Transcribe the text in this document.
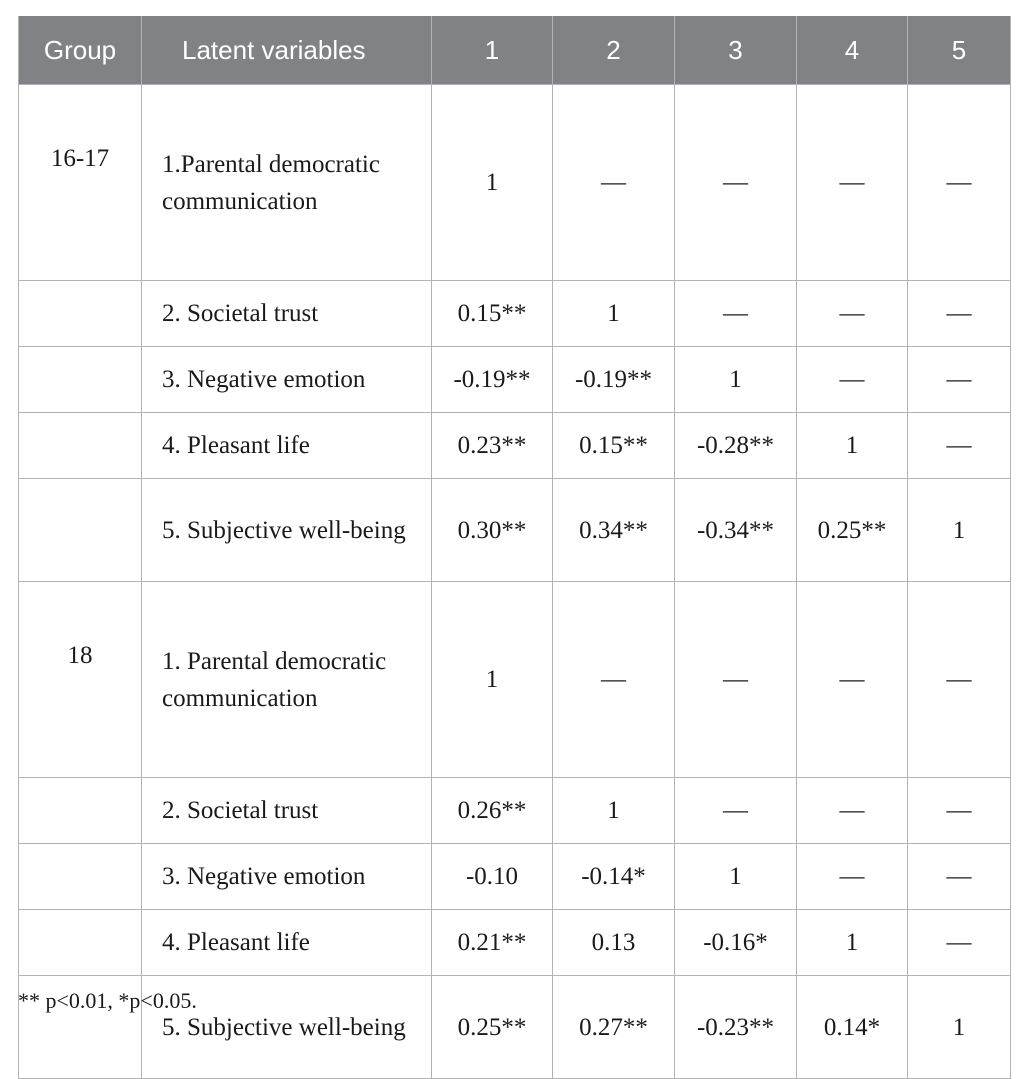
Group	Latent variables	1	2	3	4	5
16-17	1.Parental democratic communication	1	—	—	—	—
	2. Societal trust	0.15**	1	—	—	—
	3. Negative emotion	-0.19**	-0.19**	1	—	—
	4. Pleasant life	0.23**	0.15**	-0.28**	1	—
	5. Subjective well-being	0.30**	0.34**	-0.34**	0.25**	1
18	1. Parental democratic communication	1	—	—	—	—
	2. Societal trust	0.26**	1	—	—	—
	3. Negative emotion	-0.10	-0.14*	1	—	—
	4. Pleasant life	0.21**	0.13	-0.16*	1	—
	5. Subjective well-being	0.25**	0.27**	-0.23**	0.14*	1
** p<0.01, *p<0.05.
